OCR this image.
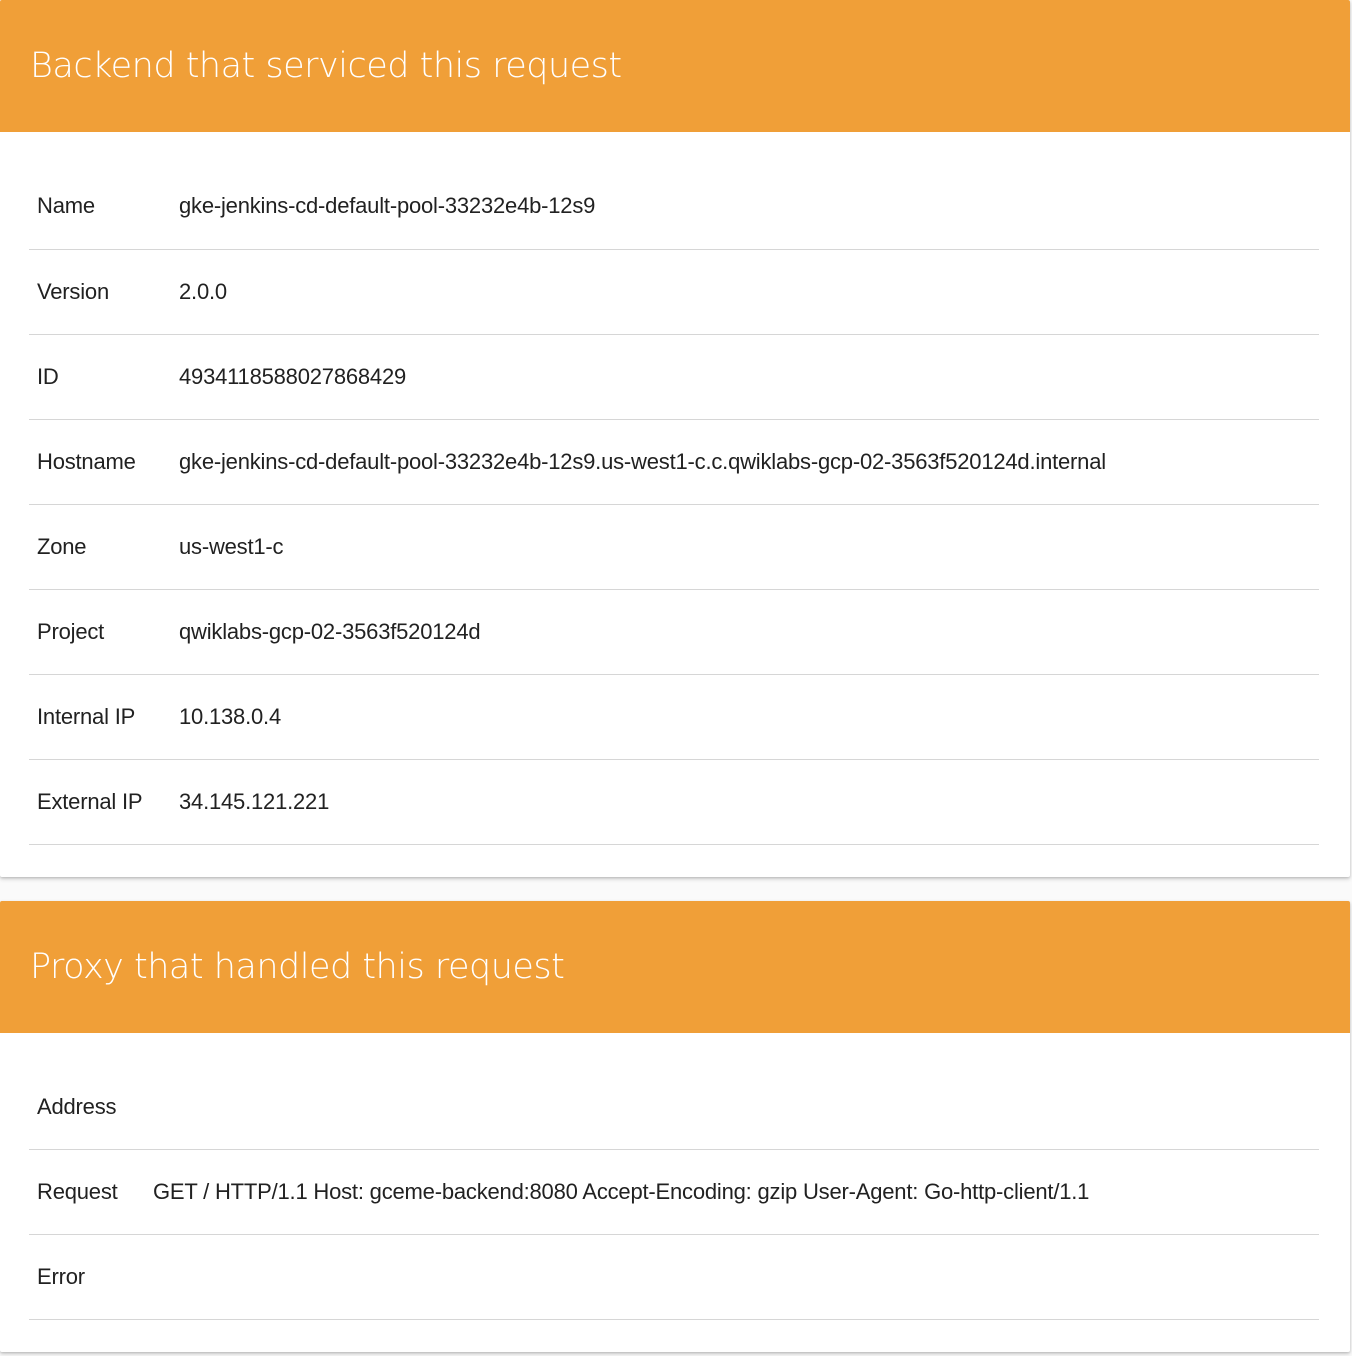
Backend that serviced this request
Name	gke-jenkins-cd-default-pool-33232e4b-12s9
Version	2.0.0
ID	4934118588027868429
Hostname	gke-jenkins-cd-default-pool-33232e4b-12s9.us-west1-c.c.qwiklabs-gcp-02-3563f520124d.internal
Zone	us-west1-c
Project	qwiklabs-gcp-02-3563f520124d
Internal IP	10.138.0.4
External IP	34.145.121.221
Proxy that handled this request
Address	
Request	GET / HTTP/1.1 Host: gceme-backend:8080 Accept-Encoding: gzip User-Agent: Go-http-client/1.1
Error	
